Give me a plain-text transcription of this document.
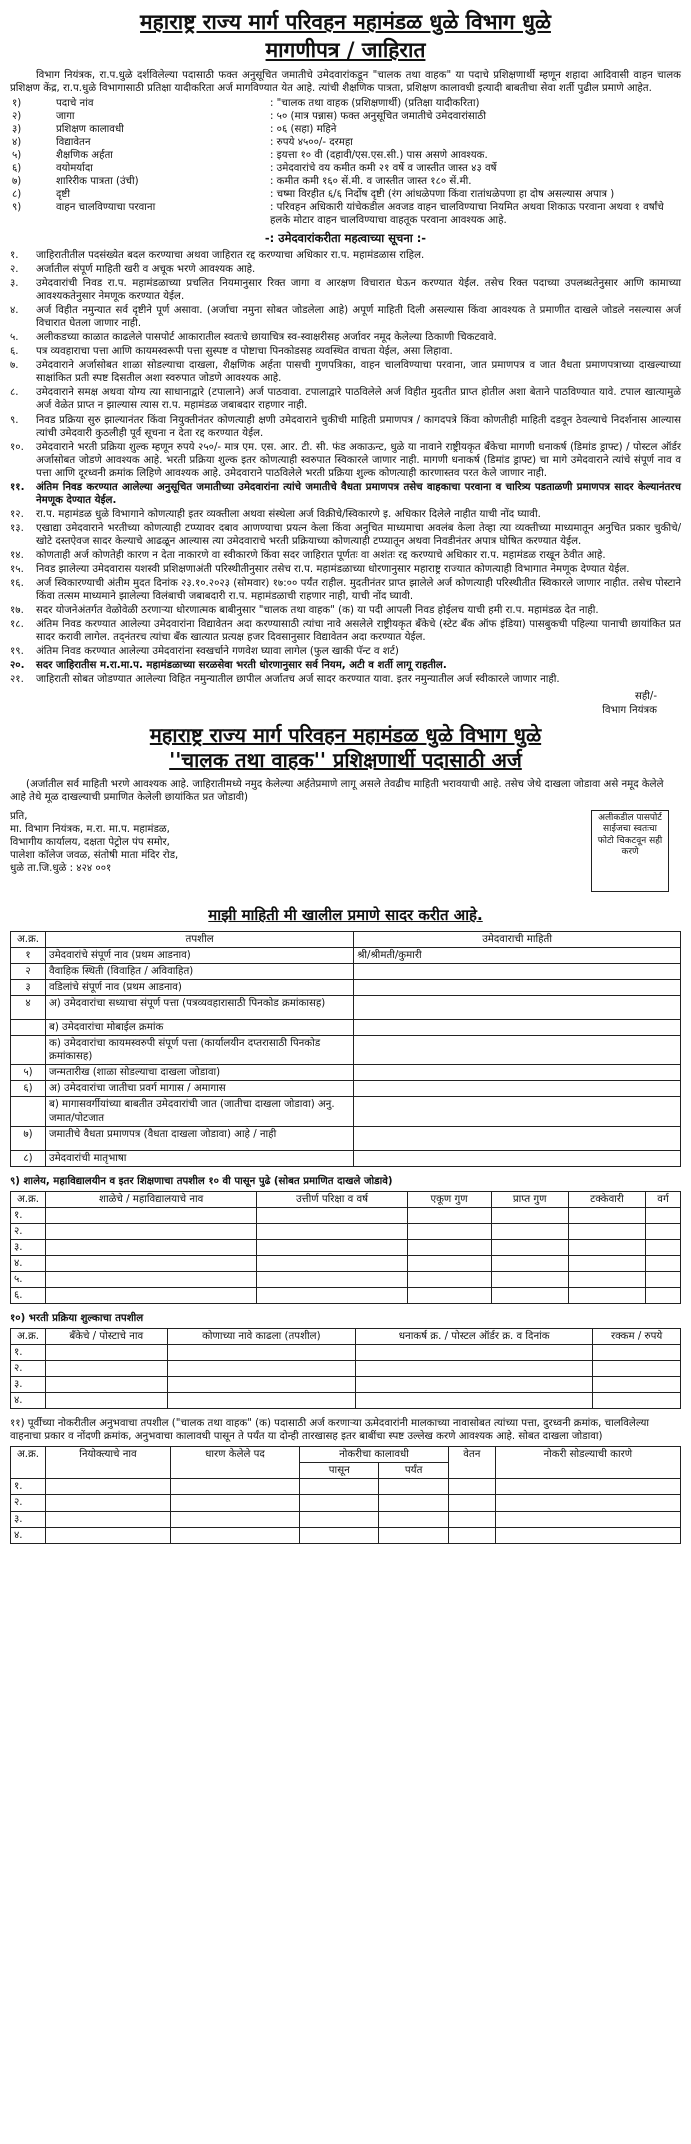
महाराष्ट्र राज्य मार्ग परिवहन महामंडळ धुळे विभाग धुळे
मागणीपत्र / जाहिरात
विभाग नियंत्रक, रा.प.धुळे दर्शविलेल्या पदासाठी फक्त अनुसूचित जमातीचे उमेदवारांकडून "चालक तथा वाहक" या पदाचे प्रशिक्षणार्थी म्हणून शहादा आदिवासी वाहन चालक प्रशिक्षण केंद्र, रा.प.धुळे विभागासाठी प्रतिक्षा यादीकरिता अर्ज मागविण्यात येत आहे. त्यांची शैक्षणिक पात्रता, प्रशिक्षण कालावधी इत्यादी बाबतीचा सेवा शर्ती पुढील प्रमाणे आहेत.
१)	पदाचे नांव	: "चालक तथा वाहक (प्रशिक्षणार्थी) (प्रतिक्षा यादीकरिता)
२)	जागा	: ५० (मात्र पन्नास) फक्त अनुसूचित जमातीचे उमेदवारांसाठी
३)	प्रशिक्षण कालावधी	: ०६ (सहा) महिने
४)	विद्यावेतन	: रुपये ४५००/- दरमहा
५)	शैक्षणिक अर्हता	: इयत्ता १० वी (दहावी/एस.एस.सी.) पास असणे आवश्यक.
६)	वयोमर्यादा	: उमेदवारांचे वय कमीत कमी २१ वर्षे व जास्तीत जास्त ४३ वर्षे
७)	शारिरीक पात्रता (उंची)	: कमीत कमी १६० सें.मी. व जास्तीत जास्त १८० सें.मी.
८)	दृष्टी	: चष्मा विरहीत ६/६ निर्दोष दृष्टी (रंग आंधळेपणा किंवा रातांधळेपणा हा दोष असल्यास अपात्र )
९)	वाहन चालविण्याचा परवाना	: परिवहन अधिकारी यांचेकडील अवजड वाहन चालविण्याचा नियमित अथवा शिकाऊ परवाना अथवा १ वर्षांचे हलके मोटार वाहन चालविण्याचा वाहतूक परवाना आवश्यक आहे.
-: उमेदवारांकरीता महत्वाच्या सूचना :-
१.	जाहिरातीतील पदसंख्येत बदल करण्याचा अथवा जाहिरात रद्द करण्याचा अधिकार रा.प. महामंडळास राहिल.
२.	अर्जातील संपूर्ण माहिती खरी व अचूक भरणे आवश्यक आहे.
३.	उमेदवारांची निवड रा.प. महामंडळाच्या प्रचलित नियमानुसार रिक्त जागा व आरक्षण विचारात घेऊन करण्यात येईल. तसेच रिक्त पदाच्या उपलब्धतेनुसार आणि कामाच्या आवश्यकतेनुसार नेमणूक करण्यात येईल.
४.	अर्ज विहीत नमुन्यात सर्व दृष्टीने पूर्ण असावा. (अर्जाचा नमुना सोबत जोडलेला आहे) अपूर्ण माहिती दिली असल्यास किंवा आवश्यक ते प्रमाणीत दाखले जोडले नसल्यास अर्ज विचारात घेतला जाणार नाही.
५.	अलीकडच्या काळात काढलेले पासपोर्ट आकारातील स्वतःचे छायाचित्र स्व-स्वाक्षरीसह अर्जावर नमूद केलेल्या ठिकाणी चिकटवावे.
६.	पत्र व्यवहाराचा पत्ता आणि कायमस्वरूपी पत्ता सुस्पष्ट व पोष्टाचा पिनकोडसह व्यवस्थित वाचता येईल, असा लिहावा.
७.	उमेदवाराने अर्जासोबत शाळा सोडल्याचा दाखला, शैक्षणिक अर्हता पासची गुणपत्रिका, वाहन चालविण्याचा परवाना, जात प्रमाणपत्र व जात वैधता प्रमाणपत्राच्या दाखल्याच्या साक्षांकित प्रती स्पष्ट दिसतील अशा स्वरुपात जोडणे आवश्यक आहे.
८.	उमेदवाराने समक्ष अथवा योग्य त्या साधानाद्वारे (टपालाने) अर्ज पाठवावा. टपालाद्वारे पाठविलेले अर्ज विहीत मुदतीत प्राप्त होतील अशा बेताने पाठविण्यात यावे. टपाल खात्यामुळे अर्ज वेळेत प्राप्त न झाल्यास त्यास रा.प. महामंडळ जबाबदार राहणार नाही.
९.	निवड प्रक्रिया सुरु झाल्यानंतर किंवा नियुक्तीनंतर कोणत्याही क्षणी उमेदवाराने चुकीची माहिती प्रमाणपत्र / कागदपत्रे किंवा कोणतीही माहिती दडवून ठेवल्याचे निदर्शनास आल्यास त्यांची उमेदवारी कुठलीही पूर्व सूचना न देता रद्द करण्यात येईल.
१०.	उमेदवाराने भरती प्रक्रिया शुल्क म्हणून रुपये २५०/- मात्र एम. एस. आर. टी. सी. फंड अकाऊन्ट, धुळे या नावाने राष्ट्रीयकृत बँकेचा मागणी धनाकर्ष (डिमांड ड्राफ्ट) / पोस्टल ऑर्डर अर्जासोबत जोडणे आवश्यक आहे. भरती प्रक्रिया शुल्क इतर कोणत्याही स्वरुपात स्विकारले जाणार नाही. मागणी धनाकर्ष (डिमांड ड्राफ्ट) चा मागे उमेदवाराने त्यांचे संपूर्ण नाव व पत्ता आणि दूरध्वनी क्रमांक लिहिणे आवश्यक आहे. उमेदवाराने पाठविलेले भरती प्रक्रिया शुल्क कोणत्याही कारणास्तव परत केले जाणार नाही.
११.	अंतिम निवड करण्यात आलेल्या अनुसूचित जमातीच्या उमेदवारांना त्यांचे जमातीचे वैधता प्रमाणपत्र तसेच वाहकाचा परवाना व चारित्र्य पडताळणी प्रमाणपत्र सादर केल्यानंतरच नेमणूक देण्यात येईल.
१२.	रा.प. महामंडळ धुळे विभागाने कोणत्याही इतर व्यक्तीला अथवा संस्थेला अर्ज विक्रीचे/स्विकारणे इ. अधिकार दिलेले नाहीत याची नोंद घ्यावी.
१३.	एखाद्या उमेदवाराने भरतीच्या कोणत्याही टप्प्यावर दबाव आणण्याचा प्रयत्न केला किंवा अनुचित माध्यमाचा अवलंब केला तेव्हा त्या व्यक्तीच्या माध्यमातून अनुचित प्रकार चुकीचे/खोटे दस्तऐवज सादर केल्याचे आढळून आल्यास त्या उमेदवाराचे भरती प्रक्रियाच्या कोणत्याही टप्प्यातून अथवा निवडीनंतर अपात्र घोषित करण्यात येईल.
१४.	कोणताही अर्ज कोणतेही कारण न देता नाकारणे वा स्वीकारणे किंवा सदर जाहिरात पूर्णतः वा अशंतः रद्द करण्याचे अधिकार रा.प. महामंडळ राखून ठेवीत आहे.
१५.	निवड झालेल्या उमेदवारास यशस्वी प्रशिक्षणाअंती परिस्थीतीनुसार तसेच रा.प. महामंडळाच्या धोरणानुसार महाराष्ट्र राज्यात कोणत्याही विभागात नेमणूक देण्यात येईल.
१६.	अर्ज स्विकारण्याची अंतीम मुदत दिनांक २३.१०.२०२३ (सोमवार) १७:०० पर्यंत राहील. मुदतीनंतर प्राप्त झालेले अर्ज कोणत्याही परिस्थीतीत स्विकारले जाणार नाहीत. तसेच पोस्टाने किंवा तत्सम माध्यमाने झालेल्या विलंबाची जबाबदारी रा.प. महामंडळाची राहणार नाही, याची नोंद घ्यावी.
१७.	सदर योजनेअंतर्गत वेळोवेळी ठरणाऱ्या धोरणात्मक बाबीनुसार "चालक तथा वाहक" (क) या पदी आपली निवड होईलच याची हमी रा.प. महामंडळ देत नाही.
१८.	अंतिम निवड करण्यात आलेल्या उमेदवारांना विद्यावेतन अदा करण्यासाठी त्यांचा नावे असलेले राष्ट्रीयकृत बँकेचे (स्टेट बँक ऑफ इंडिया) पासबुकची पहिल्या पानाची छायांकित प्रत सादर करावी लागेल. तद्‌नंतरच त्यांचा बँक खात्यात प्रत्यक्ष हजर दिवसानुसार विद्यावेतन अदा करण्यात येईल.
१९.	अंतिम निवड करण्यात आलेल्या उमेदवारांना स्वखर्चाने गणवेश घ्यावा लागेल (फुल खाकी पॅन्ट व शर्ट)
२०.	सदर जाहिरातीस म.रा.मा.प. महामंडळाच्या सरळसेवा भरती धोरणानुसार सर्व नियम, अटी व शर्ती लागू राहतील.
२१.	जाहिराती सोबत जोडण्यात आलेल्या विहित नमुन्यातील छापील अर्जातच अर्ज सादर करण्यात यावा. इतर नमुन्यातील अर्ज स्वीकारले जाणार नाही.
सही/-
विभाग नियंत्रक
महाराष्ट्र राज्य मार्ग परिवहन महामंडळ धुळे विभाग धुळे
''चालक तथा वाहक'' प्रशिक्षणार्थी पदासाठी अर्ज
(अर्जातील सर्व माहिती भरणे आवश्यक आहे. जाहिरातीमध्ये नमुद केलेल्या अर्हतेप्रमाणे लागू असले तेवढीच माहिती भरावयाची आहे. तसेच जेथे दाखला जोडावा असे नमूद केलेले आहे तेथे मूळ दाखल्याची प्रमाणित केलेली छायांकित प्रत जोडावी)
प्रति,
मा. विभाग नियंत्रक, म.रा. मा.प. महामंडळ,
विभागीय कार्यालय, दक्षता पेट्रोल पंप समोर,
पालेशा कॉलेज जवळ, संतोषी माता मंदिर रोड,
धुळे ता.जि.धुळे : ४२४ ००१
अलीकडील पासपोर्ट साईजचा स्वतःचा फोटो चिकटवून सही करणे
माझी माहिती मी खालील प्रमाणे सादर करीत आहे.
अ.क्र.	तपशील	उमेदवाराची माहिती
१	उमेदवारांचे संपूर्ण नाव (प्रथम आडनाव)	श्री/श्रीमती/कुमारी
२	वैवाहिक स्थिती (विवाहित / अविवाहित)	
३	वडिलांचे संपूर्ण नाव (प्रथम आडनाव)	
४	अ) उमेदवारांचा सध्याचा संपूर्ण पत्ता (पत्रव्यवहारासाठी पिनकोड क्रमांकासह)	
	ब) उमेदवारांचा मोबाईल क्रमांक	
	क) उमेदवारांचा कायमस्वरुपी संपूर्ण पत्ता (कार्यालयीन दप्तरासाठी पिनकोड क्रमांकासह)	
५)	जन्मतारीख (शाळा सोडल्याचा दाखला जोडावा)	
६)	अ) उमेदवारांचा जातीचा प्रवर्ग मागास / अमागास	
	ब) मागासवर्गीयांच्या बाबतीत उमेदवारांची जात (जातीचा दाखला जोडावा) अनु. जमात/पोटजात	
७)	जमातीचे वैधता प्रमाणपत्र (वैधता दाखला जोडावा) आहे / नाही	
८)	उमेदवारांची मातृभाषा	
९) शालेय, महाविद्यालयीन व इतर शिक्षणाचा तपशील १० वी पासून पुढे (सोबत प्रमाणित दाखले जोडावे)
अ.क्र.	शाळेचे / महाविद्यालयाचे नाव	उत्तीर्ण परिक्षा व वर्ष	एकूण गुण	प्राप्त गुण	टक्केवारी	वर्ग
१.						
२.						
३.						
४.						
५.						
६.						
१०) भरती प्रक्रिया शुल्काचा तपशील
अ.क्र.	बँकेचे / पोस्टाचे नाव	कोणाच्या नावे काढला (तपशील)	धनाकर्ष क्र. / पोस्टल ऑर्डर क्र. व दिनांक	रक्कम / रुपये
१.				
२.				
३.				
४.				
११) पूर्वीच्या नोकरीतील अनुभवाचा तपशील ("चालक तथा वाहक" (क) पदासाठी अर्ज करणाऱ्या ऊमेदवारांनी मालकाच्या नावासोबत त्यांच्या पत्ता, दुरध्वनी क्रमांक, चालविलेल्या वाहनाचा प्रकार व नोंदणी क्रमांक, अनुभवाचा कालावधी पासून ते पर्यंत या दोन्ही तारखासह इतर बाबींचा स्पष्ट उल्लेख करणे आवश्यक आहे. सोबत दाखला जोडावा)
अ.क्र.	नियोक्त्याचे नाव	धारण केलेले पद	नोकरीचा कालावधी		वेतन	नोकरी सोडल्याची कारणे
			पासून	पर्यंत		
१.						
२.						
३.						
४.						
